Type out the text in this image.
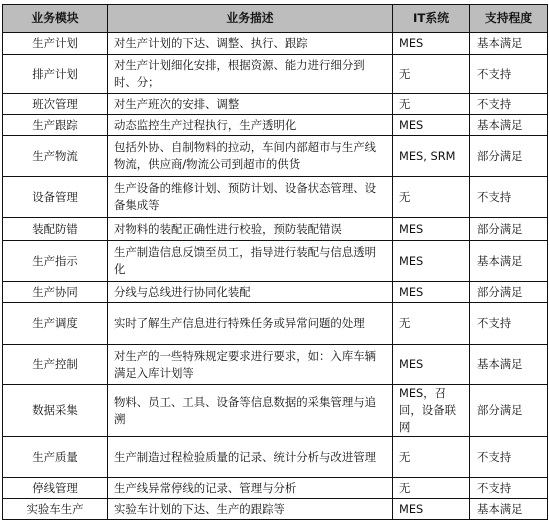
业务模块	业务描述	IT系统	支持程度
生产计划	对生产计划的下达、调整、执行、跟踪	MES	基本满足
排产计划	对生产计划细化安排，根据资源、能力进行细分到时、分；	无	不支持
班次管理	对生产班次的安排、调整	无	不支持
生产跟踪	动态监控生产过程执行，生产透明化	MES	基本满足
生产物流	包括外协、自制物料的拉动，车间内部超市与生产线物流，供应商/物流公司到超市的供货	MES, SRM	部分满足
设备管理	生产设备的维修计划、预防计划、设备状态管理、设备集成等	无	不支持
装配防错	对物料的装配正确性进行校验，预防装配错误	MES	部分满足
生产指示	生产制造信息反馈至员工，指导进行装配与信息透明化	MES	基本满足
生产协同	分线与总线进行协同化装配	MES	部分满足
生产调度	实时了解生产信息进行特殊任务或异常问题的处理	无	不支持
生产控制	对生产的一些特殊规定要求进行要求，如：入库车辆满足入库计划等	MES	基本满足
数据采集	物料、员工、工具、设备等信息数据的采集管理与追溯	MES，召回，设备联网	部分满足
生产质量	生产制造过程检验质量的记录、统计分析与改进管理	无	不支持
停线管理	生产线异常停线的记录、管理与分析	无	不支持
实验车生产	实验车计划的下达、生产的跟踪等	MES	基本满足
